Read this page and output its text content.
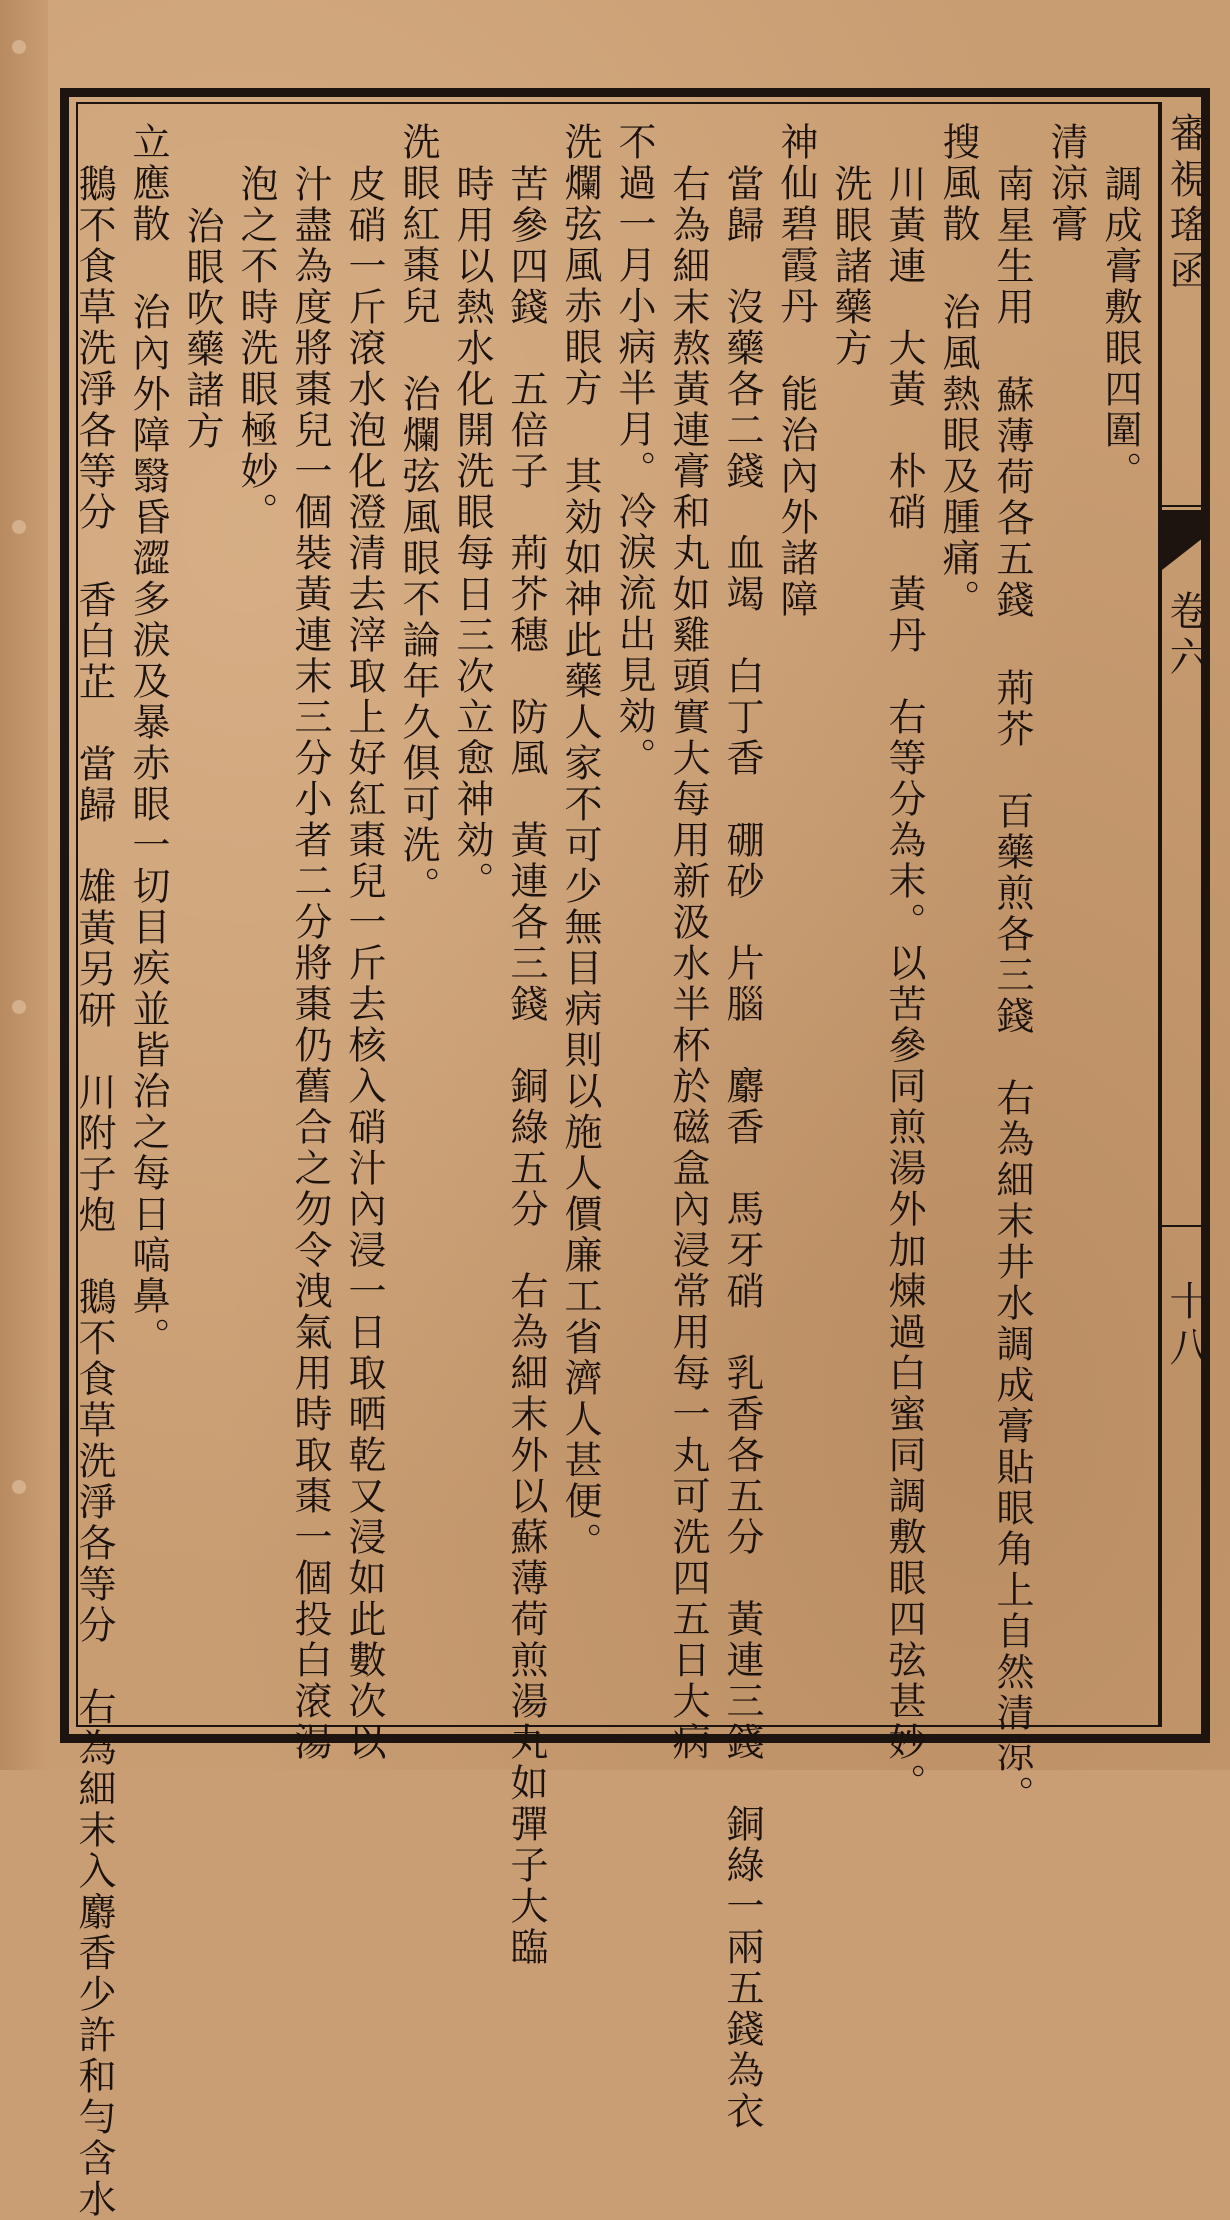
審視瑤函
卷六
十八
調成膏敷眼四圍。
清涼膏
南星生用 蘇薄荷各五錢 荊芥　百藥煎各三錢　右為細末井水調成膏貼眼角上自然清涼。
搜風散 治風熱眼及腫痛。
川黃連　大黃　朴硝　黃丹　右等分為末。以苦參同煎湯外加煉過白蜜同調敷眼四弦甚妙。
洗眼諸藥方
神仙碧霞丹 能治內外諸障
當歸　沒藥各二錢　血竭　白丁香　硼砂　片腦　麝香　馬牙硝　乳香各五分　黃連三錢　銅綠一兩五錢為衣
右為細末熬黃連膏和丸如雞頭實大每用新汲水半杯於磁盒內浸常用每一丸可洗四五日大病
不過一月小病半月。冷淚流出見効。
洗爛弦風赤眼方 其効如神此藥人家不可少無目病則以施人價廉工省濟人甚便。
苦參四錢　五倍子　荊芥穗　防風　黃連各三錢　銅綠五分　右為細末外以蘇薄荷煎湯丸如彈子大臨
時用以熱水化開洗眼每日三次立愈神効。
洗眼紅棗兒 治爛弦風眼不論年久俱可洗。
皮硝一斤滾水泡化澄清去滓取上好紅棗兒一斤去核入硝汁內浸一日取晒乾又浸如此數次以
汁盡為度將棗兒一個裝黃連末三分小者二分將棗仍舊合之勿令洩氣用時取棗一個投白滾湯
泡之不時洗眼極妙。
治眼吹藥諸方
立應散 治內外障翳昏澀多淚及暴赤眼一切目疾並皆治之每日嗃鼻。
鵝不食草洗淨各等分 香白芷　當歸　雄黃另研　川附子炮　鵝不食草洗淨各等分　右為細末入麝香少許和勻含水
